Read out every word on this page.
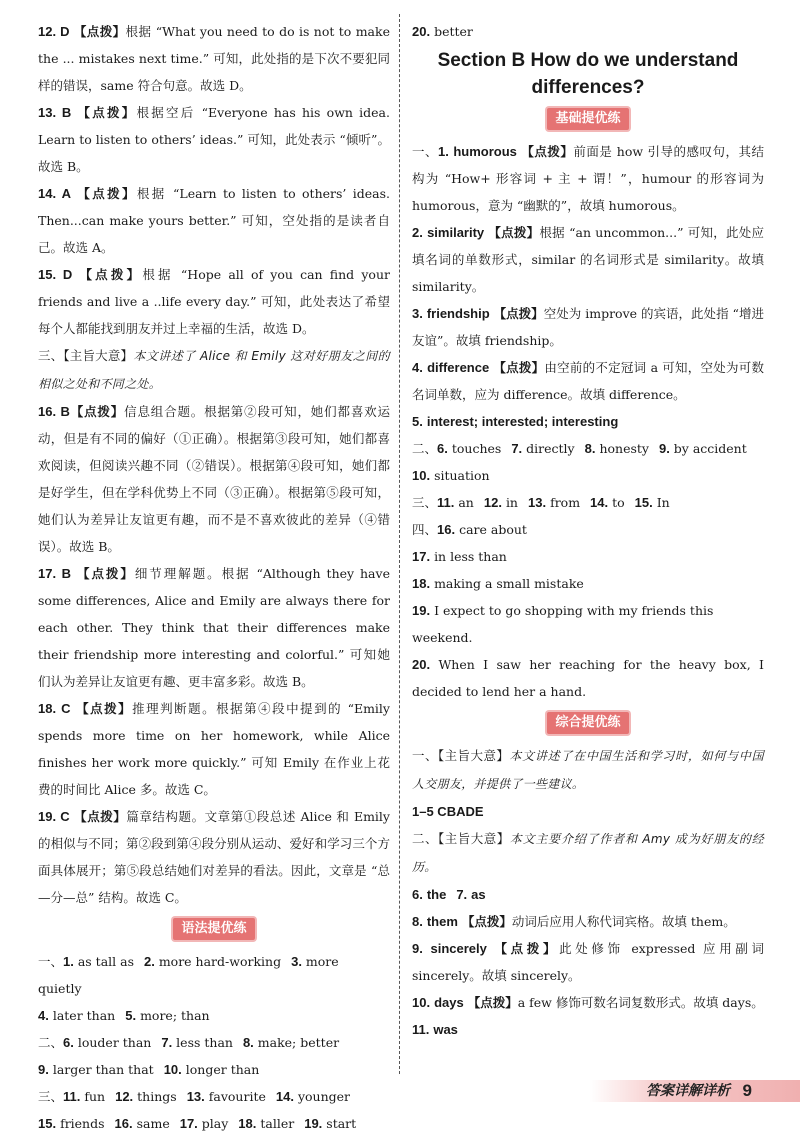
12. D 【点拨】根据 “What you need to do is not to make the ... mistakes next time.” 可知，此处指的是下次不要犯同样的错误，same 符合句意。故选 D。
13. B 【点拨】根据空后 “Everyone has his own idea. Learn to listen to others’ ideas.” 可知，此处表示 “倾听”。故选 B。
14. A 【点拨】根据 “Learn to listen to others’ ideas. Then...can make yours better.” 可知，空处指的是读者自己。故选 A。
15. D 【点拨】根据 “Hope all of you can find your friends and live a ..life every day.” 可知，此处表达了希望每个人都能找到朋友并过上幸福的生活，故选 D。
三、【主旨大意】本文讲述了 Alice 和 Emily 这对好朋友之间的相似之处和不同之处。
16. B【点拨】信息组合题。根据第②段可知，她们都喜欢运动，但是有不同的偏好（①正确）。根据第③段可知，她们都喜欢阅读，但阅读兴趣不同（②错误）。根据第④段可知，她们都是好学生，但在学科优势上不同（③正确）。根据第⑤段可知，她们认为差异让友谊更有趣，而不是不喜欢彼此的差异（④错误）。故选 B。
17. B 【点拨】细节理解题。根据 “Although they have some differences, Alice and Emily are always there for each other. They think that their differences make their friendship more interesting and colorful.” 可知她们认为差异让友谊更有趣、更丰富多彩。故选 B。
18. C 【点拨】推理判断题。根据第④段中提到的 “Emily spends more time on her homework, while Alice finishes her work more quickly.” 可知 Emily 在作业上花费的时间比 Alice 多。故选 C。
19. C 【点拨】篇章结构题。文章第①段总述 Alice 和 Emily 的相似与不同；第②段到第④段分别从运动、爱好和学习三个方面具体展开；第⑤段总结她们对差异的看法。因此，文章是 “总—分—总” 结构。故选 C。
语法提优练
一、1. as tall as 2. more hard-working 3. more quietly
4. later than 5. more; than
二、6. louder than 7. less than 8. make; better
9. larger than that 10. longer than
三、11. fun 12. things 13. favourite 14. younger
15. friends 16. same 17. play 18. taller 19. start
20. better
Section B How do we understand
differences?
基础提优练
一、1. humorous 【点拨】前面是 how 引导的感叹句，其结构为 “How+ 形容词 + 主 + 谓！”，humour 的形容词为 humorous，意为 “幽默的”，故填 humorous。
2. similarity 【点拨】根据 “an uncommon...” 可知，此处应填名词的单数形式，similar 的名词形式是 similarity。故填 similarity。
3. friendship 【点拨】空处为 improve 的宾语，此处指 “增进友谊”。故填 friendship。
4. difference 【点拨】由空前的不定冠词 a 可知，空处为可数名词单数，应为 difference。故填 difference。
5. interest; interested; interesting
二、6. touches 7. directly 8. honesty 9. by accident
10. situation
三、11. an 12. in 13. from 14. to 15. In
四、16. care about
17. in less than
18. making a small mistake
19. I expect to go shopping with my friends this weekend.
20. When I saw her reaching for the heavy box, I decided to lend her a hand.
综合提优练
一、【主旨大意】本文讲述了在中国生活和学习时，如何与中国人交朋友，并提供了一些建议。
1–5 CBADE
二、【主旨大意】本文主要介绍了作者和 Amy 成为好朋友的经历。
6. the 7. as
8. them 【点拨】动词后应用人称代词宾格。故填 them。
9. sincerely 【点拨】此处修饰 expressed 应用副词 sincerely。故填 sincerely。
10. days 【点拨】a few 修饰可数名词复数形式。故填 days。
11. was
答案详解详析 9
